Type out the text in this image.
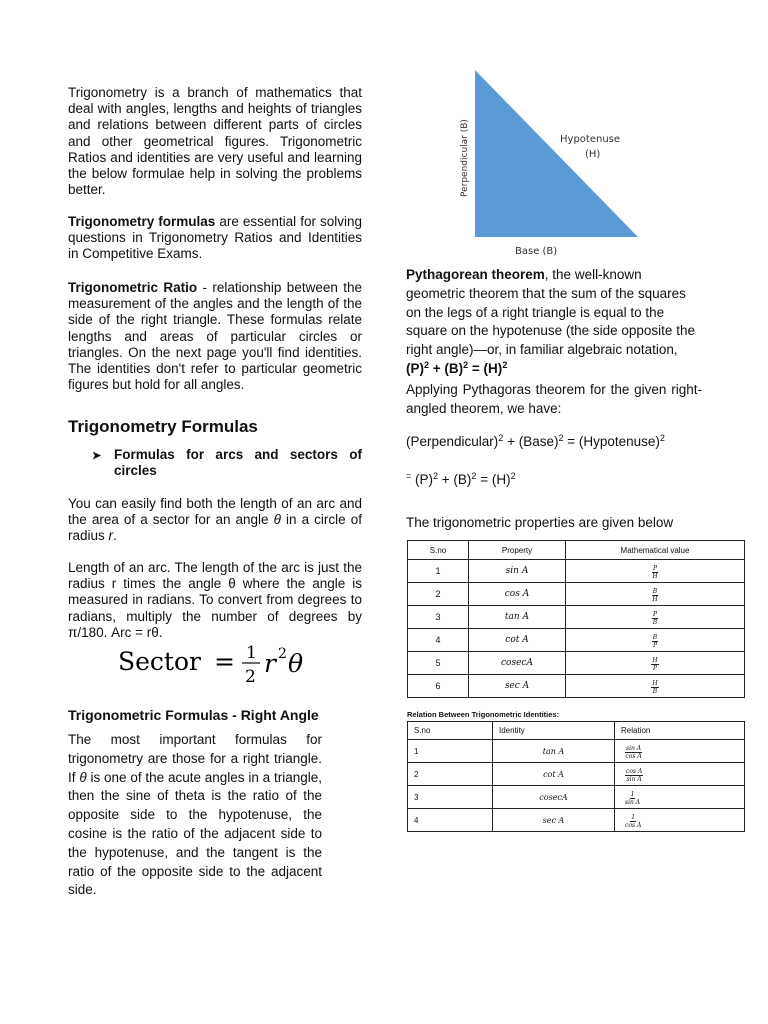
Trigonometry is a branch of mathematics that deal with angles, lengths and heights of triangles and relations between different parts of circles and other geometrical figures. Trigonometric Ratios and identities are very useful and learning the below formulae help in solving the problems better.

Trigonometry formulas are essential for solving questions in Trigonometry Ratios and Identities in Competitive Exams.

Trigonometric Ratio - relationship between the measurement of the angles and the length of the side of the right triangle. These formulas relate lengths and areas of particular circles or triangles. On the next page you'll find identities. The identities don't refer to particular geometric figures but hold for all angles.

Trigonometry Formulas
➤ Formulas for arcs and sectors of circles

You can easily find both the length of an arc and the area of a sector for an angle θ in a circle of radius r.

Length of an arc. The length of the arc is just the radius r times the angle θ where the angle is measured in radians. To convert from degrees to radians, multiply the number of degrees by π/180. Arc = rθ.

Sector = 1
2 r 2 θ
Trigonometric Formulas - Right Angle

The most important formulas for trigonometry are those for a right triangle. If θ is one of the acute angles in a triangle, then the sine of theta is the ratio of the opposite side to the hypotenuse, the cosine is the ratio of the adjacent side to the hypotenuse, and the tangent is the ratio of the opposite side to the adjacent side.

Perpendicular (B)	Hypotenuse
(H)
Base (B)

Pythagorean theorem, the well-known geometric theorem that the sum of the squares on the legs of a right triangle is equal to the square on the hypotenuse (the side opposite the right angle)—or, in familiar algebraic notation, $(P)^2 + (B)^2 = (H)^2$

Applying Pythagoras theorem for the given right-angled theorem, we have:

(Perpendicular)$^2$ + (Base)$^2$ = (Hypotenuse)$^2$

= $(P)^2 + (B)^2 = (H)^2$

The trigonometric properties are given below

S.no	Property	Mathematical value
1	sin A	$\frac{P}{H}$

2	cos A	$\frac{B}{H}$

3	tan A	$\frac{P}{B}$

4	cot A	$\frac{B}{P}$

5	cosecA	$\frac{H}{P}$

6	sec A	$\frac{H}{B}$
Relation Between Trigonometric Identities:
S.no	Identity	Relation
1	tan A	$\frac{\text{sin A}}{\text{cos A}}$

2	cot A	$\frac{\text{cos A}}{\text{sin A}}$

3	cosecA	$\frac{1}{\text{sin A}}$

4	sec A	$\frac{1}{\text{cos A}}$
